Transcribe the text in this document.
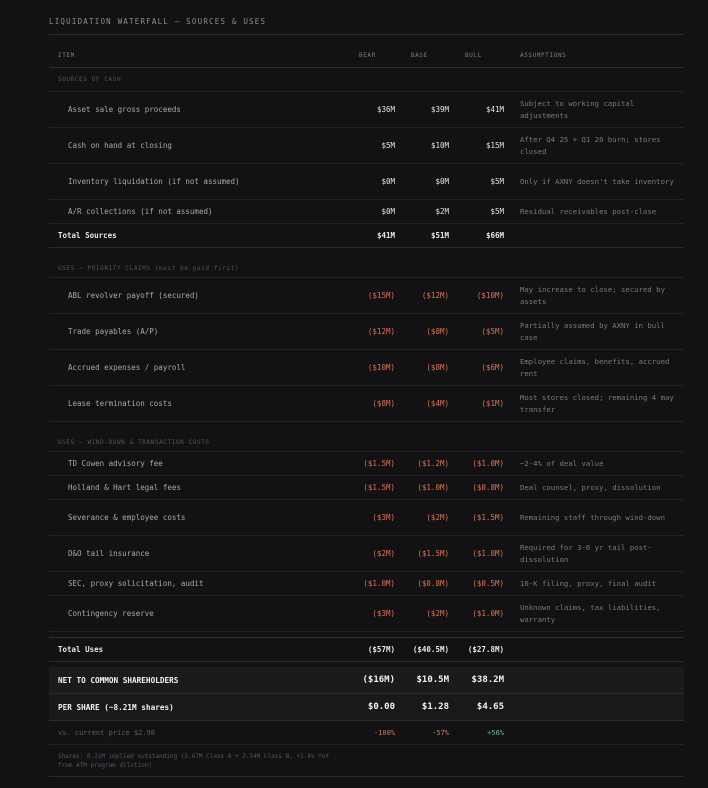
LIQUIDATION WATERFALL — SOURCES & USES
ITEM	BEAR	BASE	BULL	ASSUMPTIONS
SOURCES OF CASH				
Asset sale gross proceeds	$36M	$39M	$41M	Subject to working capital adjustments
Cash on hand at closing	$5M	$10M	$15M	After Q4 25 + Q1 26 burn; stores closed
Inventory liquidation (if not assumed)	$0M	$0M	$5M	Only if AXNY doesn't take inventory
A/R collections (if not assumed)	$0M	$2M	$5M	Residual receivables post-close
Total Sources	$41M	$51M	$66M	
USES — PRIORITY CLAIMS (must be paid first)				
ABL revolver payoff (secured)	($15M)	($12M)	($10M)	May increase to close; secured by assets
Trade payables (A/P)	($12M)	($8M)	($5M)	Partially assumed by AXNY in bull case
Accrued expenses / payroll	($10M)	($8M)	($6M)	Employee claims, benefits, accrued rent
Lease termination costs	($8M)	($4M)	($1M)	Most stores closed; remaining 4 may transfer
USES — WIND-DOWN & TRANSACTION COSTS				
TD Cowen advisory fee	($1.5M)	($1.2M)	($1.0M)	~2-4% of deal value
Holland & Hart legal fees	($1.5M)	($1.0M)	($0.8M)	Deal counsel, proxy, dissolution
Severance & employee costs	($3M)	($2M)	($1.5M)	Remaining staff through wind-down
D&O tail insurance	($2M)	($1.5M)	($1.0M)	Required for 3-6 yr tail post-dissolution
SEC, proxy solicitation, audit	($1.0M)	($0.8M)	($0.5M)	10-K filing, proxy, final audit
Contingency reserve	($3M)	($2M)	($1.0M)	Unknown claims, tax liabilities, warranty

Total Uses	($57M)	($40.5M)	($27.8M)	

NET TO COMMON SHAREHOLDERS	($16M)	$10.5M	$38.2M	
PER SHARE (~8.21M shares)	$0.00	$1.28	$4.65	
vs. current price $2.98	-100%	-57%	+56%	
Shares: 8.21M implied outstanding (5.67M Class A + 2.54M Class B, +3.4% YoY from ATM program dilution)				
